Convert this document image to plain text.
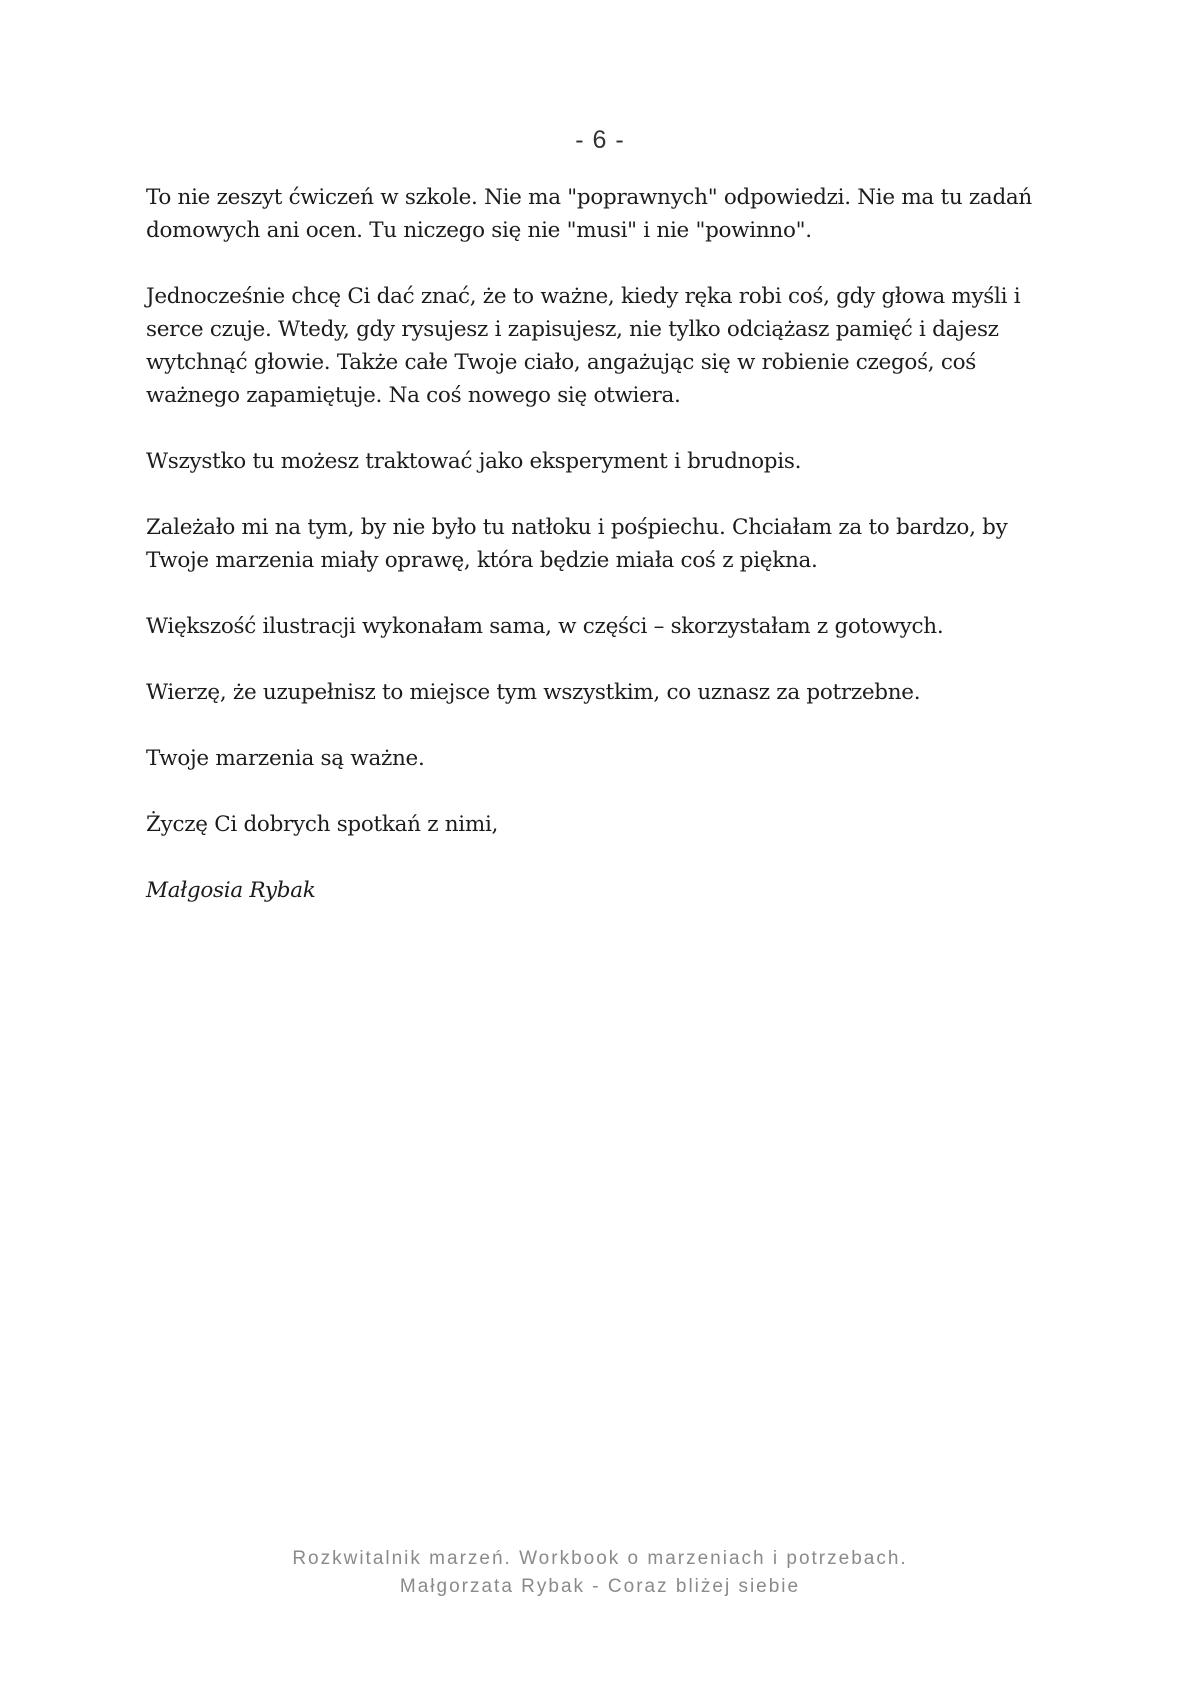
- 6 -

To nie zeszyt ćwiczeń w szkole. Nie ma "poprawnych" odpowiedzi. Nie ma tu zadań domowych ani ocen. Tu niczego się nie "musi" i nie "powinno".

Jednocześnie chcę Ci dać znać, że to ważne, kiedy ręka robi coś, gdy głowa myśli i serce czuje. Wtedy, gdy rysujesz i zapisujesz, nie tylko odciążasz pamięć i dajesz wytchnąć głowie. Także całe Twoje ciało, angażując się w robienie czegoś, coś ważnego zapamiętuje. Na coś nowego się otwiera.

Wszystko tu możesz traktować jako eksperyment i brudnopis.

Zależało mi na tym, by nie było tu natłoku i pośpiechu. Chciałam za to bardzo, by Twoje marzenia miały oprawę, która będzie miała coś z piękna.

Większość ilustracji wykonałam sama, w części – skorzystałam z gotowych.

Wierzę, że uzupełnisz to miejsce tym wszystkim, co uznasz za potrzebne.

Twoje marzenia są ważne.

Życzę Ci dobrych spotkań z nimi,

Małgosia Rybak

Rozkwitalnik marzeń. Workbook o marzeniach i potrzebach.
Małgorzata Rybak - Coraz bliżej siebie
